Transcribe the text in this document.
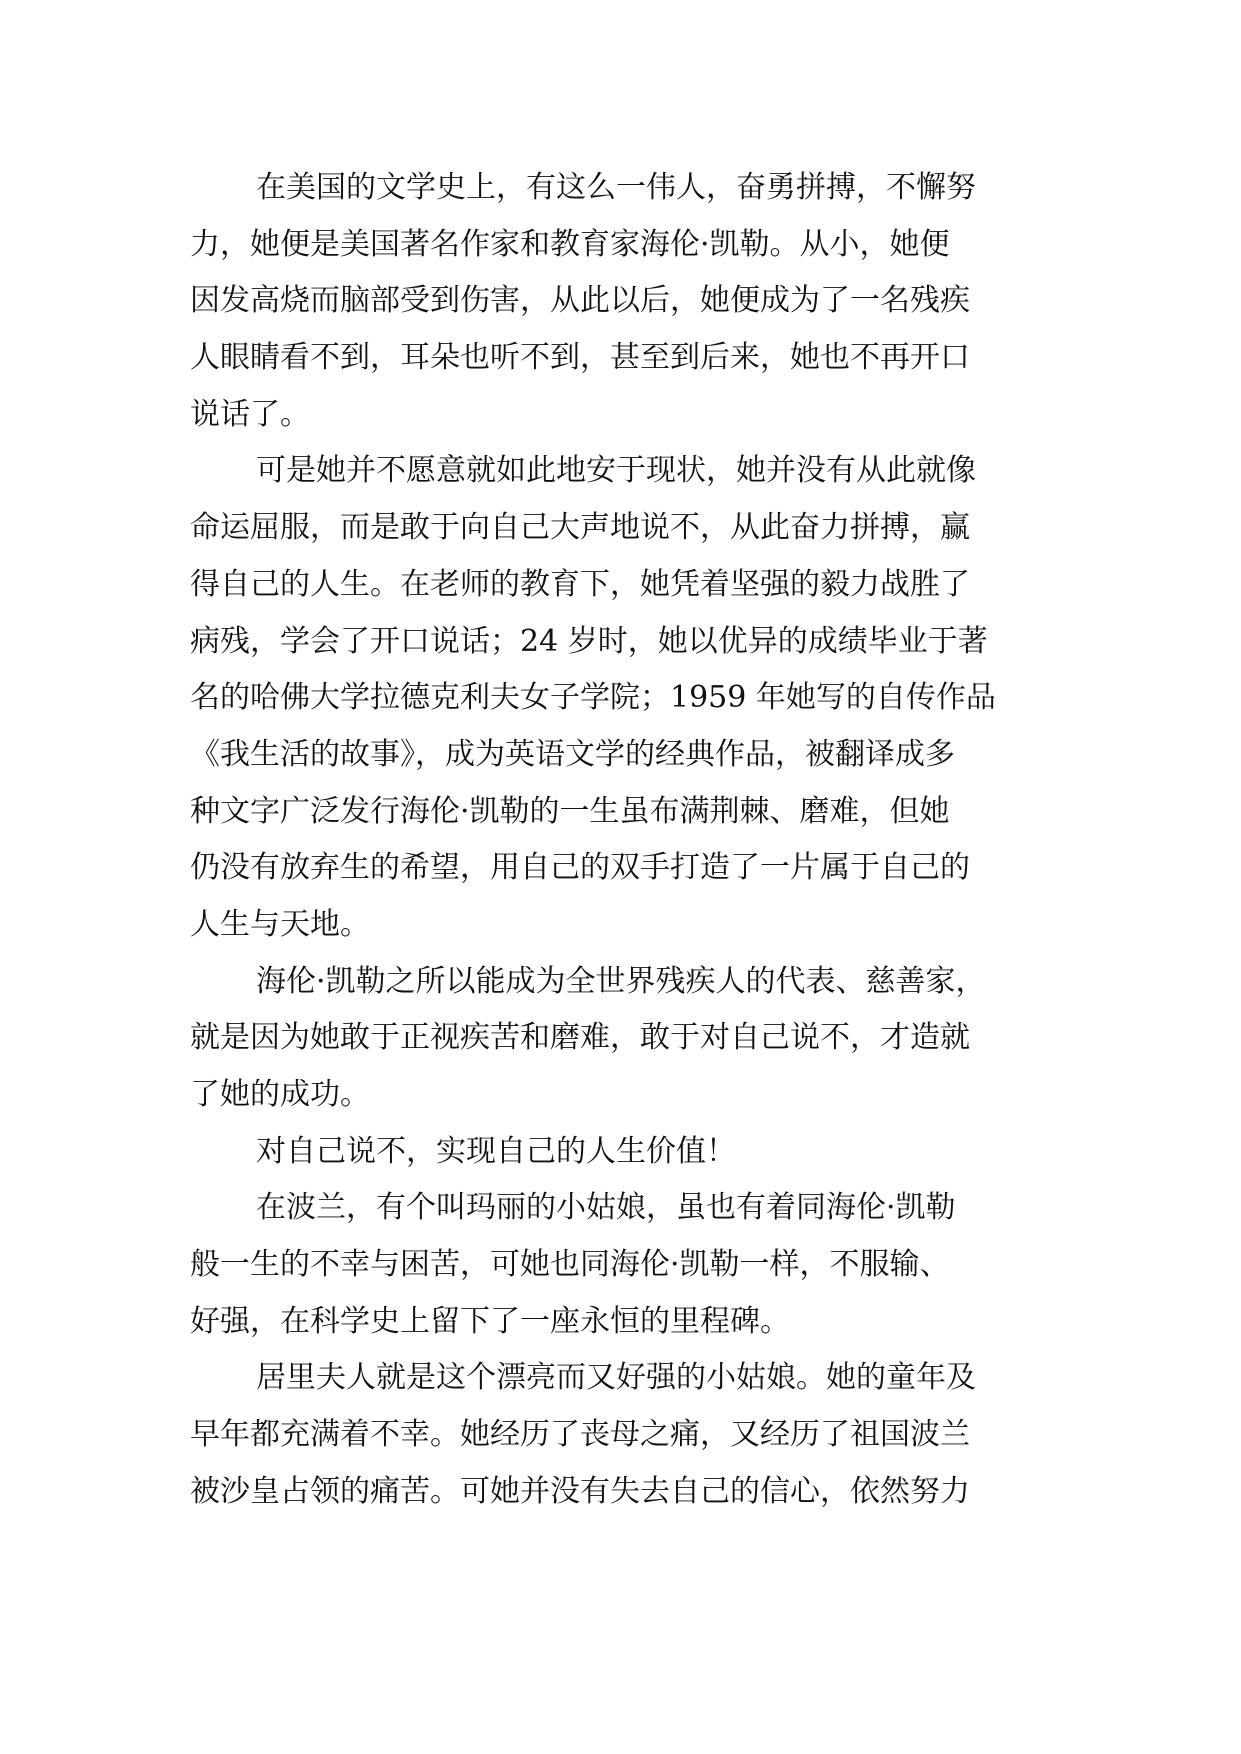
在美国的文学史上，有这么一伟人，奋勇拼搏，不懈努
力，她便是美国著名作家和教育家海伦·凯勒。从小，她便
因发高烧而脑部受到伤害，从此以后，她便成为了一名残疾
人眼睛看不到，耳朵也听不到，甚至到后来，她也不再开口
说话了。
可是她并不愿意就如此地安于现状，她并没有从此就像
命运屈服，而是敢于向自己大声地说不，从此奋力拼搏，赢
得自己的人生。在老师的教育下，她凭着坚强的毅力战胜了
病残，学会了开口说话；24 岁时，她以优异的成绩毕业于著
名的哈佛大学拉德克利夫女子学院；1959 年她写的自传作品
《我生活的故事》，成为英语文学的经典作品，被翻译成多
种文字广泛发行海伦·凯勒的一生虽布满荆棘、磨难，但她
仍没有放弃生的希望，用自己的双手打造了一片属于自己的
人生与天地。
海伦·凯勒之所以能成为全世界残疾人的代表、慈善家，
就是因为她敢于正视疾苦和磨难，敢于对自己说不，才造就
了她的成功。
对自己说不，实现自己的人生价值！
在波兰，有个叫玛丽的小姑娘，虽也有着同海伦·凯勒
般一生的不幸与困苦，可她也同海伦·凯勒一样，不服输、
好强，在科学史上留下了一座永恒的里程碑。
居里夫人就是这个漂亮而又好强的小姑娘。她的童年及
早年都充满着不幸。她经历了丧母之痛，又经历了祖国波兰
被沙皇占领的痛苦。可她并没有失去自己的信心，依然努力
